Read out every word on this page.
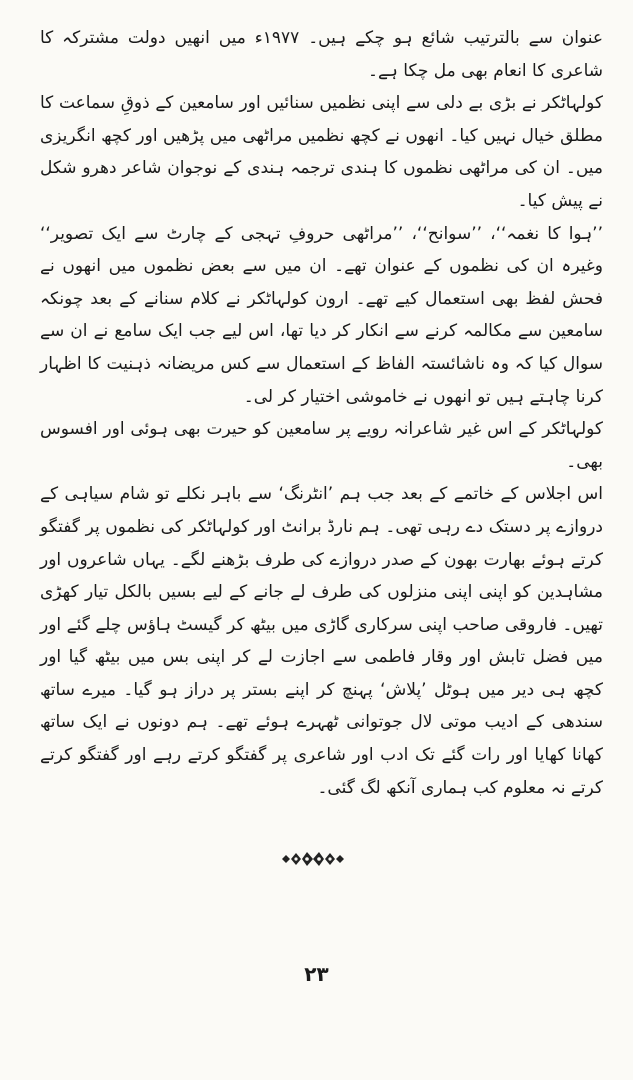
عنوان سے بالترتیب شائع ہو چکے ہیں۔ ۱۹۷۷ء میں انھیں دولت مشترکہ کا شاعری کا انعام بھی مل چکا ہے۔

کولہاٹکر نے بڑی بے دلی سے اپنی نظمیں سنائیں اور سامعین کے ذوقِ سماعت کا مطلق خیال نہیں کیا۔ انھوں نے کچھ نظمیں مراٹھی میں پڑھیں اور کچھ انگریزی میں۔ ان کی مراٹھی نظموں کا ہندی ترجمہ ہندی کے نوجوان شاعر دھرو شکل نے پیش کیا۔

’’ہوا کا نغمہ‘‘، ’’سوانح‘‘، ’’مراٹھی حروفِ تہجی کے چارٹ سے ایک تصویر‘‘ وغیرہ ان کی نظموں کے عنوان تھے۔ ان میں سے بعض نظموں میں انھوں نے فحش لفظ بھی استعمال کیے تھے۔ ارون کولہاٹکر نے کلام سنانے کے بعد چونکہ سامعین سے مکالمہ کرنے سے انکار کر دیا تھا، اس لیے جب ایک سامع نے ان سے سوال کیا کہ وہ ناشائستہ الفاظ کے استعمال سے کس مریضانہ ذہنیت کا اظہار کرنا چاہتے ہیں تو انھوں نے خاموشی اختیار کر لی۔

کولہاٹکر کے اس غیر شاعرانہ رویے پر سامعین کو حیرت بھی ہوئی اور افسوس بھی۔

اس اجلاس کے خاتمے کے بعد جب ہم ’انٹرنگ‘ سے باہر نکلے تو شام سیاہی کے دروازے پر دستک دے رہی تھی۔ ہم نارڈ برانٹ اور کولہاٹکر کی نظموں پر گفتگو کرتے ہوئے بھارت بھون کے صدر دروازے کی طرف بڑھنے لگے۔ یہاں شاعروں اور مشاہدین کو اپنی اپنی منزلوں کی طرف لے جانے کے لیے بسیں بالکل تیار کھڑی تھیں۔ فاروقی صاحب اپنی سرکاری گاڑی میں بیٹھ کر گیسٹ ہاؤس چلے گئے اور میں فضل تابش اور وقار فاطمی سے اجازت لے کر اپنی بس میں بیٹھ گیا اور کچھ ہی دیر میں ہوٹل ’پلاش‘ پہنچ کر اپنے بستر پر دراز ہو گیا۔ میرے ساتھ سندھی کے ادیب موتی لال جوتوانی ٹھہرے ہوئے تھے۔ ہم دونوں نے ایک ساتھ کھانا کھایا اور رات گئے تک ادب اور شاعری پر گفتگو کرتے رہے اور گفتگو کرتے کرتے نہ معلوم کب ہماری آنکھ لگ گئی۔

۲۳
